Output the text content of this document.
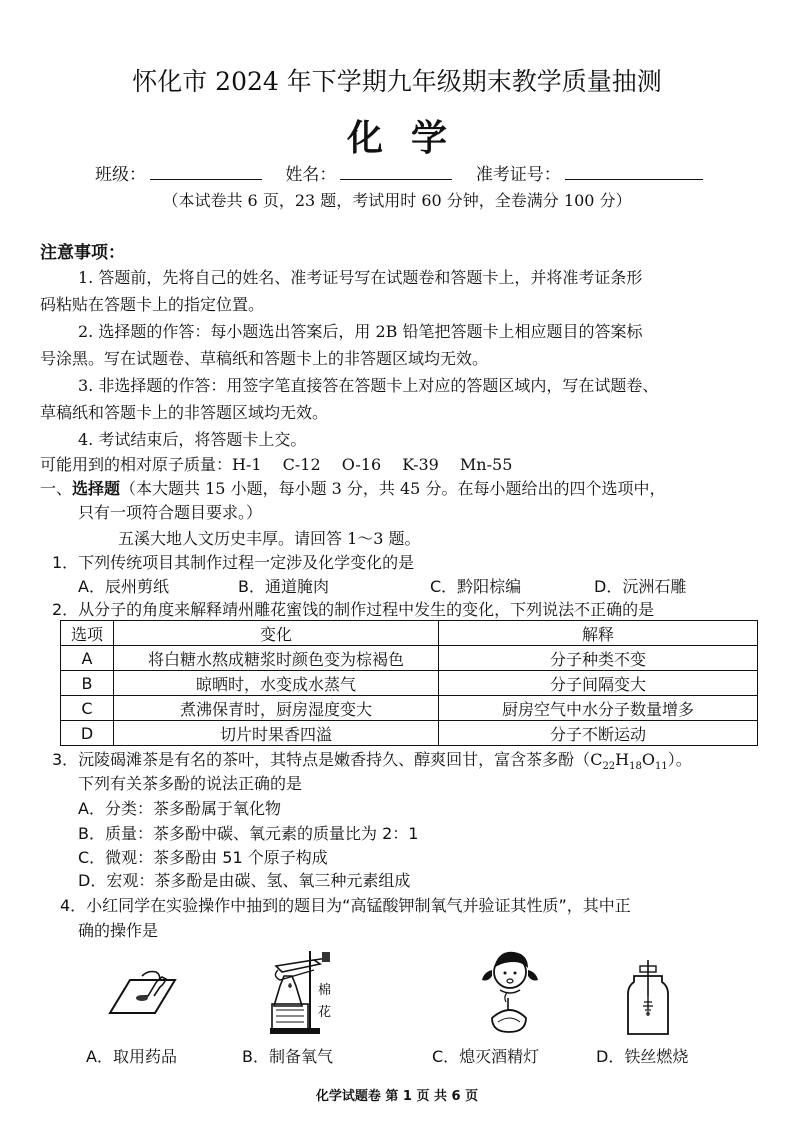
怀化市 2024 年下学期九年级期末教学质量抽测
化学
班级：	姓名：	准考证号：
（本试卷共 6 页，23 题，考试用时 60 分钟，全卷满分 100 分）
注意事项：
1. 答题前，先将自己的姓名、准考证号写在试题卷和答题卡上，并将准考证条形
码粘贴在答题卡上的指定位置。
2. 选择题的作答：每小题选出答案后，用 2B 铅笔把答题卡上相应题目的答案标
号涂黑。写在试题卷、草稿纸和答题卡上的非答题区域均无效。
3. 非选择题的作答：用签字笔直接答在答题卡上对应的答题区域内，写在试题卷、
草稿纸和答题卡上的非答题区域均无效。
4. 考试结束后，将答题卡上交。
可能用到的相对原子质量：H-1　 C-12　 O-16　 K-39　 Mn-55
一、选择题（本大题共 15 小题，每小题 3 分，共 45 分。在每小题给出的四个选项中，
只有一项符合题目要求。）
五溪大地人文历史丰厚。请回答 1～3 题。
1．下列传统项目其制作过程一定涉及化学变化的是
A．辰州剪纸	B．通道腌肉	C．黔阳棕编	D．沅洲石雕
2．从分子的角度来解释靖州雕花蜜饯的制作过程中发生的变化，下列说法不正确的是
选项	变化	解释
A	将白糖水熬成糖浆时颜色变为棕褐色	分子种类不变
B	晾晒时，水变成水蒸气	分子间隔变大
C	煮沸保青时，厨房湿度变大	厨房空气中水分子数量增多
D	切片时果香四溢	分子不断运动
3．沅陵碣滩茶是有名的茶叶，其特点是嫩香持久、醇爽回甘，富含茶多酚$(C_{22}H_{18}O_{11})$。
下列有关茶多酚的说法正确的是
A．分类：茶多酚属于氧化物
B．质量：茶多酚中碳、氧元素的质量比为 2：1
C．微观：茶多酚由 51 个原子构成
D．宏观：茶多酚是由碳、氢、氧三种元素组成
4．小红同学在实验操作中抽到的题目为“高锰酸钾制氧气并验证其性质”，其中正
确的操作是
棉
花
A．取用药品	B．制备氧气	C．熄灭酒精灯	D．铁丝燃烧
化学试题卷 第 1 页 共 6 页
